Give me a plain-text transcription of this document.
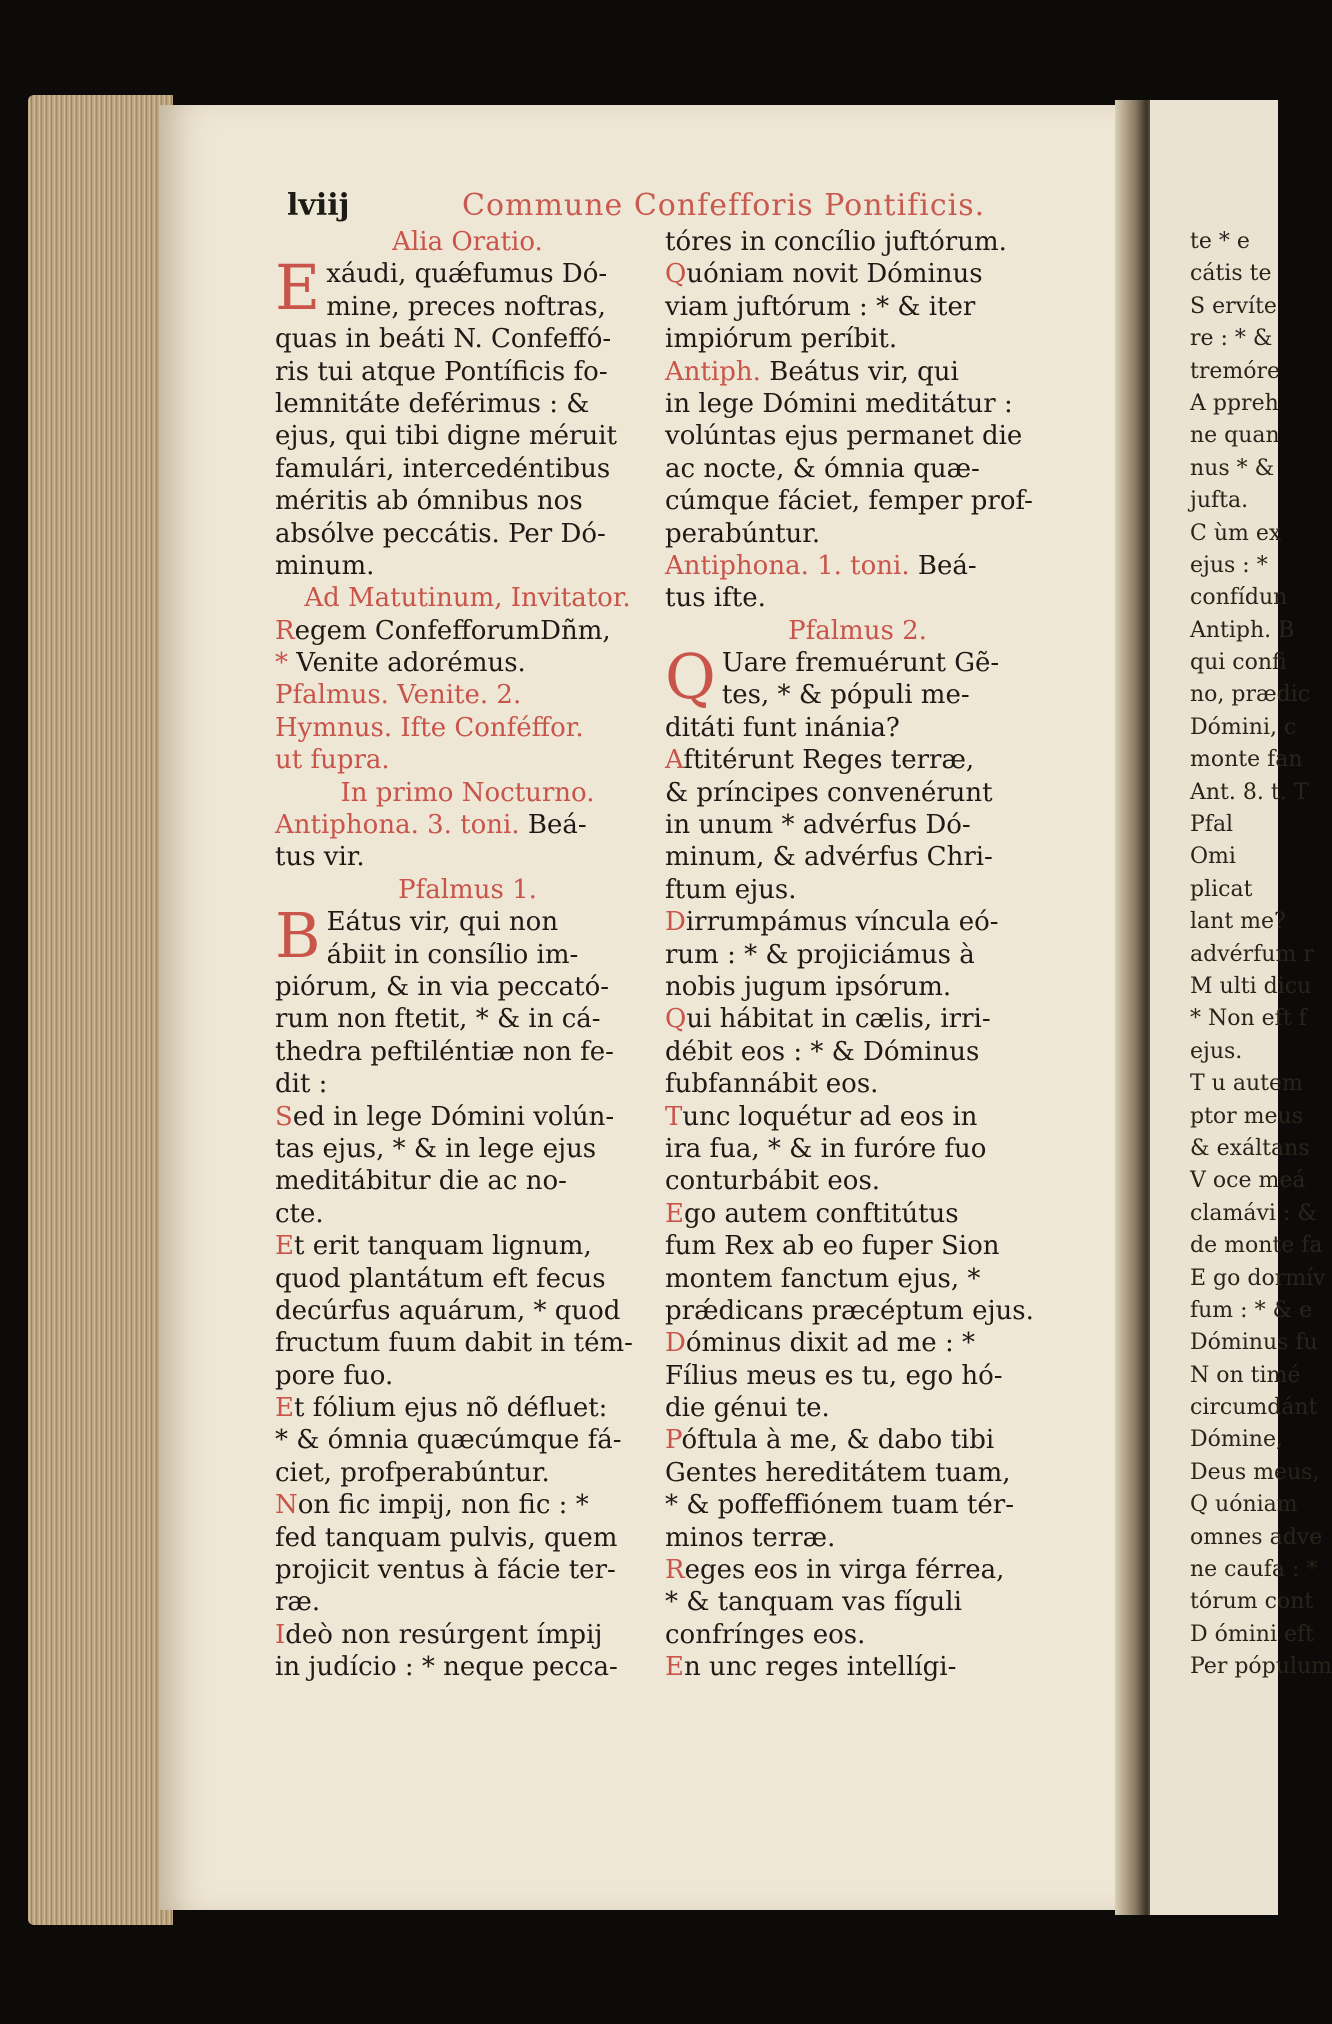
lviij	Commune Confefforis Pontificis.
Alia Oratio.
Exáudi, quǽfumus Dó-
mine, preces noftras,
quas in beáti N. Confeffó-
ris tui atque Pontíficis fo-
lemnitáte deférimus : &
ejus, qui tibi digne méruit
famulári, intercedéntibus
méritis ab ómnibus nos
absólve peccátis. Per Dó-
minum.
Ad Matutinum, Invitator.
Regem ConfefforumDñm,
* Venite adorémus.
Pfalmus. Venite. 2.
Hymnus. Ifte Conféffor.
ut fupra.
In primo Nocturno.
Antiphona. 3. toni. Beá-
tus vir.
Pfalmus 1.
B Eátus vir, qui non
ábiit in consílio im-
piórum, & in via peccató-
rum non ftetit, * & in cá-
thedra peftiléntiæ non fe-
dit :
Sed in lege Dómini volún-
tas ejus, * & in lege ejus
meditábitur die ac no-
cte.
Et erit tanquam lignum,
quod plantátum eft fecus
decúrfus aquárum, * quod
fructum fuum dabit in tém-
pore fuo.
Et fólium ejus nõ défluet:
* & ómnia quæcúmque fá-
ciet, profperabúntur.
Non fic impij, non fic : *
fed tanquam pulvis, quem
projicit ventus à fácie ter-
ræ.
Ideò non resúrgent ímpij
in judício : * neque pecca-
tóres in concílio juftórum.
Quóniam novit Dóminus
viam juftórum : * & iter
impiórum períbit.
Antiph. Beátus vir, qui
in lege Dómini meditátur :
volúntas ejus permanet die
ac nocte, & ómnia quæ-
cúmque fáciet, femper prof-
perabúntur.
Antiphona. 1. toni. Beá-
tus ifte.
Pfalmus 2.
Q Uare fremuérunt Gẽ-
tes, * & pópuli me-
ditáti funt inánia?
Aftitérunt Reges terræ,
& príncipes convenérunt
in unum * advérfus Dó-
minum, & advérfus Chri-
ftum ejus.
Dirrumpámus víncula eó-
rum : * & projiciámus à
nobis jugum ipsórum.
Qui hábitat in cælis, irri-
débit eos : * & Dóminus
fubfannábit eos.
Tunc loquétur ad eos in
ira fua, * & in furóre fuo
conturbábit eos.
Ego autem conftitútus
fum Rex ab eo fuper Sion
montem fanctum ejus, *
prǽdicans præcéptum ejus.
Dóminus dixit ad me : *
Fílius meus es tu, ego hó-
die génui te.
Póftula à me, & dabo tibi
Gentes hereditátem tuam,
* & poffeffiónem tuam tér-
minos terræ.
Reges eos in virga férrea,
* & tanquam vas fíguli
confrínges eos.
En unc reges intellígi-
te * e
cátis te
S ervíte
re : * &
tremóre
A ppreh
ne quan
nus * &
jufta.
C ùm ex
ejus : *
confídun
Antiph. B
qui confi
no, prædic
Dómini, c
monte fan
Ant. 8. t. T
Pfal
Omi
plicat
lant me?
advérfum r
M ulti dicu
* Non eft f
ejus.
T u autem
ptor meus
& exáltans
V oce meá
clamávi : &
de monte fa
E go dormív
fum : * & e
Dóminus fu
N on timé
circumdánt
Dómine,
Deus meus,
Q uóniam
omnes adve
ne caufa : *
tórum cont
D ómini eft
Per pópulum
